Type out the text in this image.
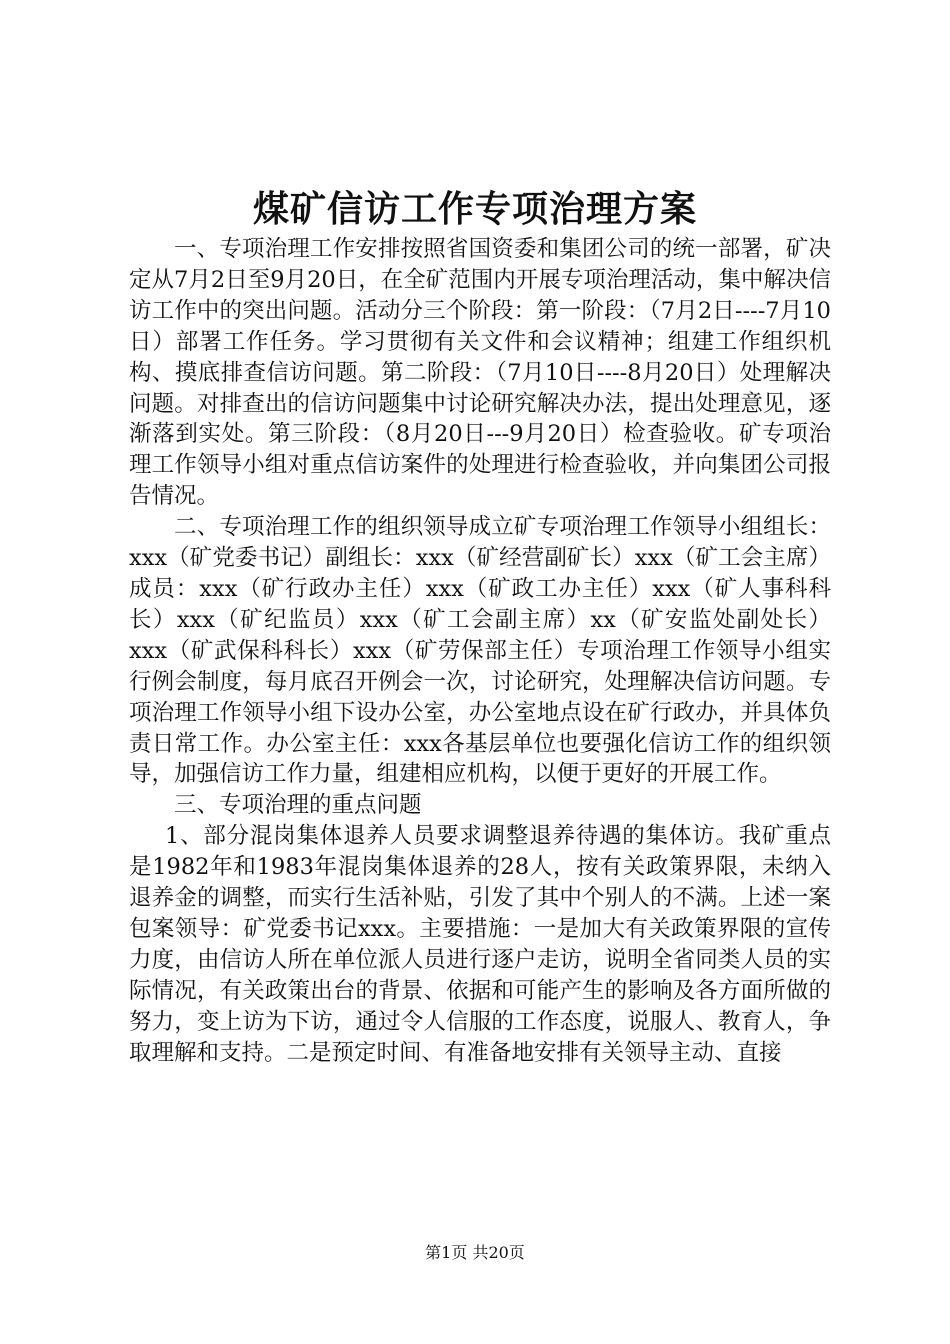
煤矿信访工作专项治理方案

一、专项治理工作安排按照省国资委和集团公司的统一部署，矿决定从7月2日至9月20日，在全矿范围内开展专项治理活动，集中解决信访工作中的突出问题。活动分三个阶段：第一阶段：（7月2日----7月10日）部署工作任务。学习贯彻有关文件和会议精神；组建工作组织机构、摸底排查信访问题。第二阶段：（7月10日----8月20日）处理解决问题。对排查出的信访问题集中讨论研究解决办法，提出处理意见，逐渐落到实处。第三阶段：（8月20日---9月20日）检查验收。矿专项治理工作领导小组对重点信访案件的处理进行检查验收，并向集团公司报告情况。

二、专项治理工作的组织领导成立矿专项治理工作领导小组组长：xxx（矿党委书记）副组长：xxx（矿经营副矿长）xxx（矿工会主席）成员：xxx（矿行政办主任）xxx（矿政工办主任）xxx（矿人事科科长）xxx（矿纪监员）xxx（矿工会副主席）xx（矿安监处副处长）xxx（矿武保科科长）xxx（矿劳保部主任）专项治理工作领导小组实行例会制度，每月底召开例会一次，讨论研究，处理解决信访问题。专项治理工作领导小组下设办公室，办公室地点设在矿行政办，并具体负责日常工作。办公室主任：xxx各基层单位也要强化信访工作的组织领导，加强信访工作力量，组建相应机构，以便于更好的开展工作。

三、专项治理的重点问题

1、部分混岗集体退养人员要求调整退养待遇的集体访。我矿重点是1982年和1983年混岗集体退养的28人，按有关政策界限，未纳入退养金的调整，而实行生活补贴，引发了其中个别人的不满。上述一案包案领导：矿党委书记xxx。主要措施：一是加大有关政策界限的宣传力度，由信访人所在单位派人员进行逐户走访，说明全省同类人员的实际情况，有关政策出台的背景、依据和可能产生的影响及各方面所做的努力，变上访为下访，通过令人信服的工作态度，说服人、教育人，争取理解和支持。二是预定时间、有准备地安排有关领导主动、直接

第1页 共20页
